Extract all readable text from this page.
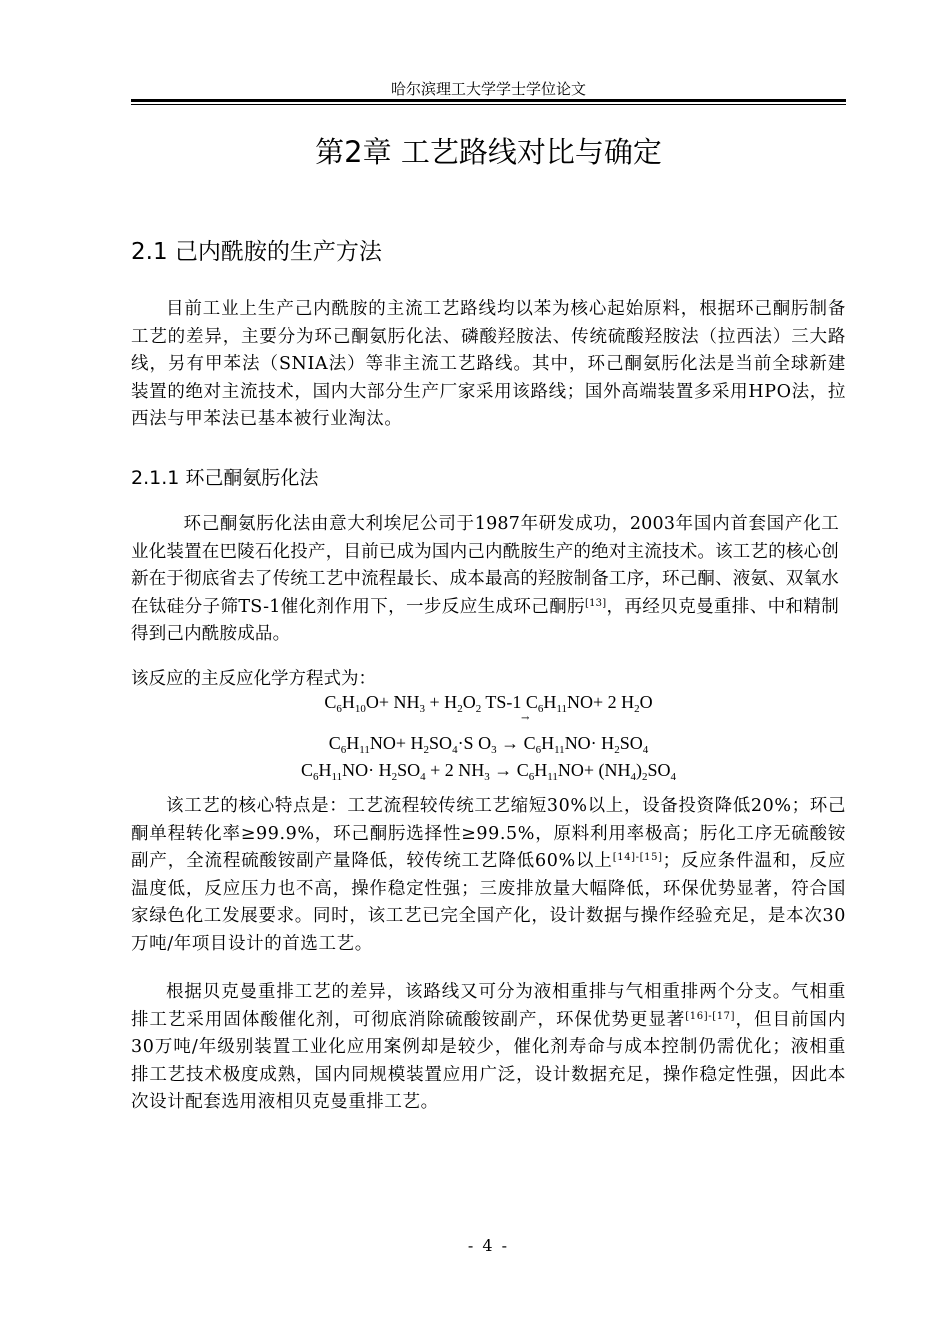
哈尔滨理工大学学士学位论文
第2章 工艺路线对比与确定
2.1 己内酰胺的生产方法

目前工业上生产己内酰胺的主流工艺路线均以苯为核心起始原料，根据环己酮肟制备工艺的差异，主要分为环己酮氨肟化法、磷酸羟胺法、传统硫酸羟胺法（拉西法）三大路线，另有甲苯法（SNIA法）等非主流工艺路线。其中，环己酮氨肟化法是当前全球新建装置的绝对主流技术，国内大部分生产厂家采用该路线；国外高端装置多采用HPO法，拉西法与甲苯法已基本被行业淘汰。

2.1.1 环己酮氨肟化法

环己酮氨肟化法由意大利埃尼公司于1987年研发成功，2003年国内首套国产化工业化装置在巴陵石化投产，目前已成为国内己内酰胺生产的绝对主流技术。该工艺的核心创新在于彻底省去了传统工艺中流程最长、成本最高的羟胺制备工序，环己酮、液氨、双氧水在钛硅分子筛TS-1催化剂作用下，一步反应生成环己酮肟[13]，再经贝克曼重排、中和精制得到己内酰胺成品。

该反应的主反应化学方程式为：
$C_6H_{10}O+ NH_3 + H_2O_2$ TS-1 $C_6H_{11}NO+ 2$ $H_2O$
→
$C_6H_{11}NO+ H_2SO_4\cdot S$ $O_3 \to C_6H_{11}NO\cdot H_2SO_4$
$C_6H_{11}NO\cdot H_2SO_4 + 2$ $NH_3 \to C_6H_{11}NO+ (NH_4)_2SO_4$

该工艺的核心特点是：工艺流程较传统工艺缩短30%以上，设备投资降低20%；环己酮单程转化率≥99.9%，环己酮肟选择性≥99.5%，原料利用率极高；肟化工序无硫酸铵副产，全流程硫酸铵副产量降低，较传统工艺降低60%以上[14]-[15]；反应条件温和，反应温度低，反应压力也不高，操作稳定性强；三废排放量大幅降低，环保优势显著，符合国家绿色化工发展要求。同时，该工艺已完全国产化，设计数据与操作经验充足，是本次30万吨/年项目设计的首选工艺。

根据贝克曼重排工艺的差异，该路线又可分为液相重排与气相重排两个分支。气相重排工艺采用固体酸催化剂，可彻底消除硫酸铵副产，环保优势更显著[16]-[17]，但目前国内30万吨/年级别装置工业化应用案例却是较少，催化剂寿命与成本控制仍需优化；液相重排工艺技术极度成熟，国内同规模装置应用广泛，设计数据充足，操作稳定性强，因此本次设计配套选用液相贝克曼重排工艺。

- 4 -
